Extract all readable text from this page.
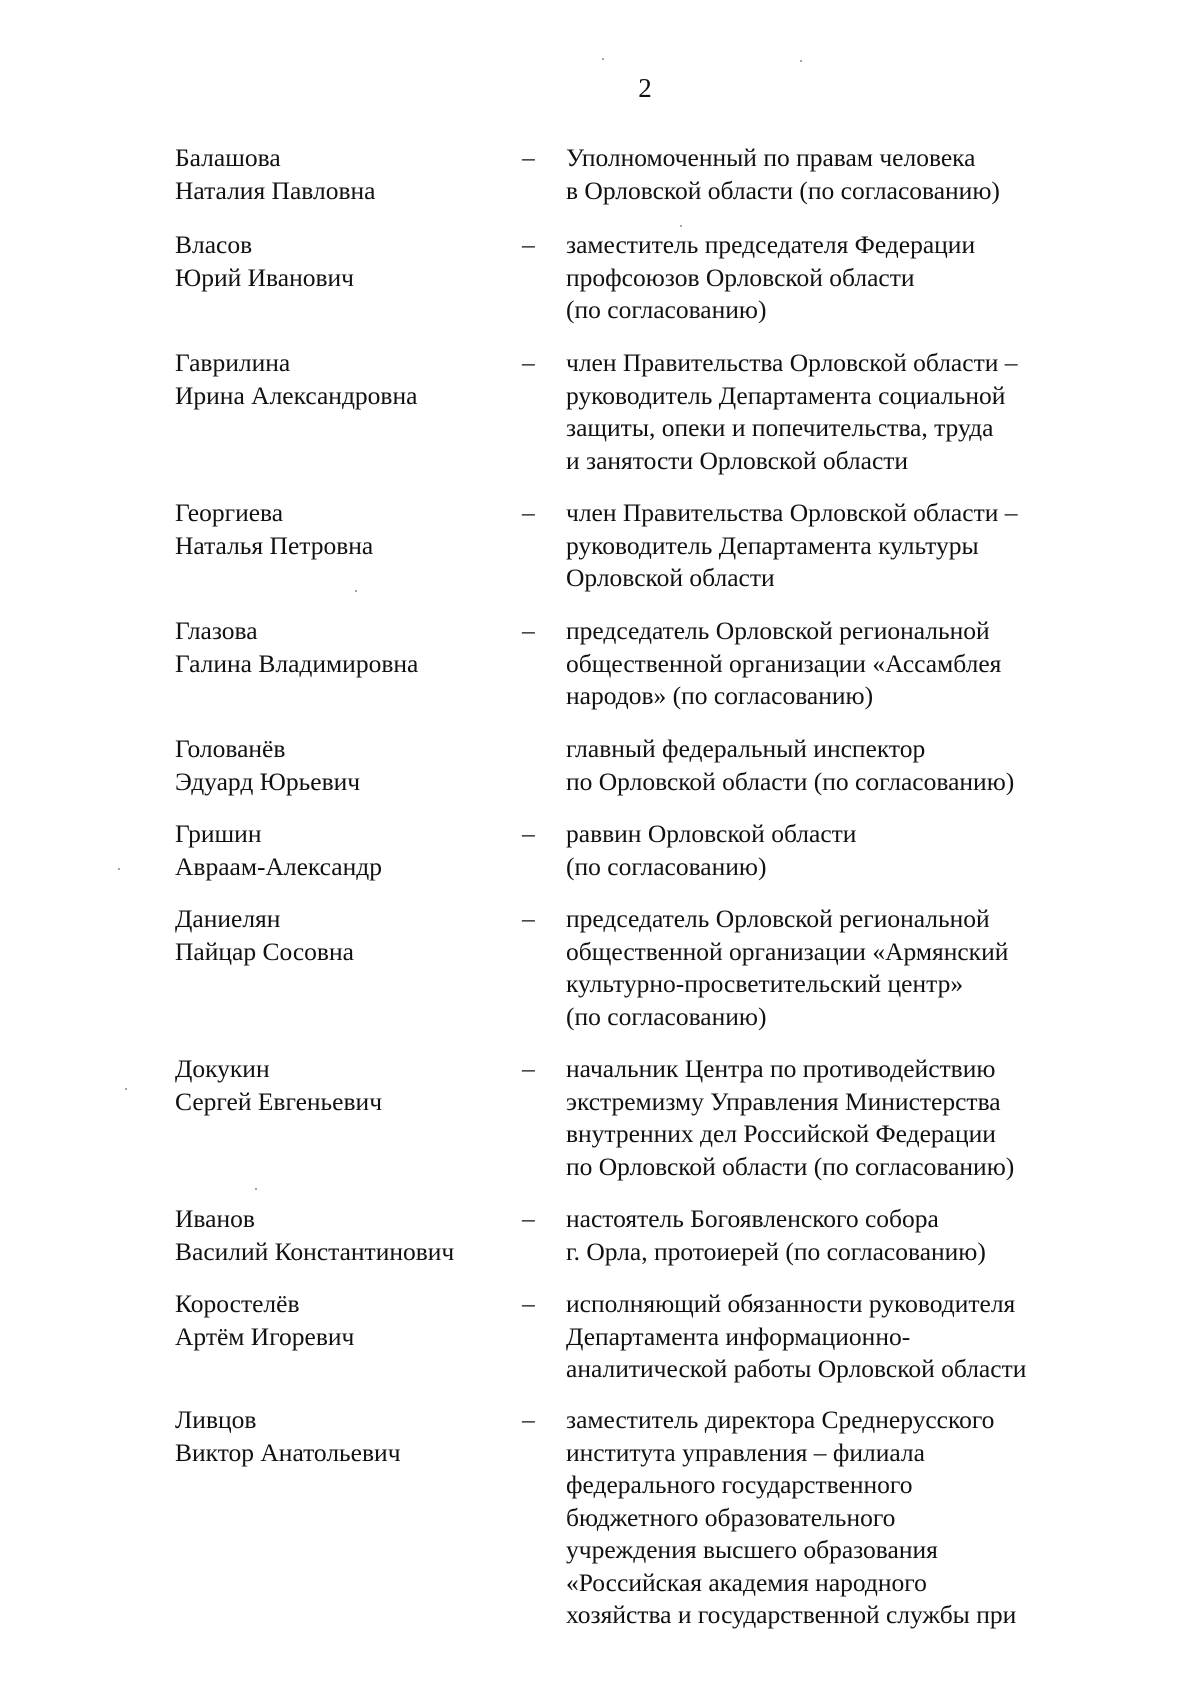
2
Балашова
Наталия Павловна
– Уполномоченный по правам человека
в Орловской области (по согласованию)
Власов
Юрий Иванович
– заместитель председателя Федерации
профсоюзов Орловской области
(по согласованию)
Гаврилина
Ирина Александровна
– член Правительства Орловской области –
руководитель Департамента социальной
защиты, опеки и попечительства, труда
и занятости Орловской области
Георгиева
Наталья Петровна
– член Правительства Орловской области –
руководитель Департамента культуры
Орловской области
Глазова
Галина Владимировна
– председатель Орловской региональной
общественной организации «Ассамблея
народов» (по согласованию)
Голованёв
Эдуард Юрьевич
главный федеральный инспектор
по Орловской области (по согласованию)
Гришин
Авраам-Александр
– раввин Орловской области
(по согласованию)
Даниелян
Пайцар Сосовна
– председатель Орловской региональной
общественной организации «Армянский
культурно-просветительский центр»
(по согласованию)
Докукин
Сергей Евгеньевич
– начальник Центра по противодействию
экстремизму Управления Министерства
внутренних дел Российской Федерации
по Орловской области (по согласованию)
Иванов
Василий Константинович
– настоятель Богоявленского собора
г. Орла, протоиерей (по согласованию)
Коростелёв
Артём Игоревич
– исполняющий обязанности руководителя
Департамента информационно-
аналитической работы Орловской области
Ливцов
Виктор Анатольевич
– заместитель директора Среднерусского
института управления – филиала
федерального государственного
бюджетного образовательного
учреждения высшего образования
«Российская академия народного
хозяйства и государственной службы при
